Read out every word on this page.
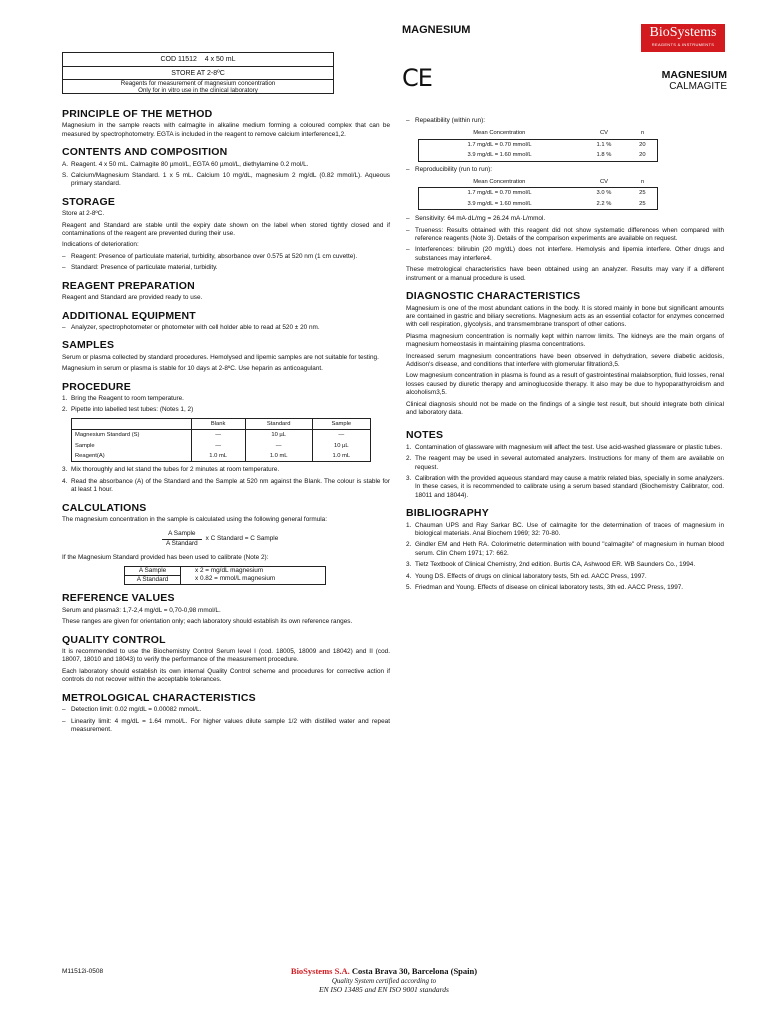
COD 11512
4 x 50 mL
STORE AT 2-8ºC
Reagents for measurement of magnesium concentration
Only for in vitro use in the clinical laboratory
MAGNESIUM
CE
BioSystems
REAGENTS & INSTRUMENTS
MAGNESIUM
CALMAGITE
PRINCIPLE OF THE METHOD

Magnesium in the sample reacts with calmagite in alkaline medium forming a coloured complex that can be measured by spectrophotometry. EGTA is included in the reagent to remove calcium interference1,2.

CONTENTS AND COMPOSITION
A. Reagent. 4 x 50 mL. Calmagite 80 µmol/L, EGTA 60 µmol/L, diethylamine 0.2 mol/L.
S. Calcium/Magnesium Standard. 1 x 5 mL. Calcium 10 mg/dL, magnesium 2 mg/dL (0.82 mmol/L). Aqueous primary standard.
STORAGE

Store at 2-8ºC.

Reagent and Standard are stable until the expiry date shown on the label when stored tightly closed and if contaminations of the reagent are prevented during their use.

Indications of deterioration:

– Reagent: Presence of particulate material, turbidity, absorbance over 0.575 at 520 nm (1 cm cuvette).
– Standard: Presence of particulate material, turbidity.
REAGENT PREPARATION

Reagent and Standard are provided ready to use.

ADDITIONAL EQUIPMENT
– Analyzer, spectrophotometer or photometer with cell holder able to read at 520 ± 20 nm.
SAMPLES

Serum or plasma collected by standard procedures. Hemolysed and lipemic samples are not suitable for testing.

Magnesium in serum or plasma is stable for 10 days at 2-8ºC. Use heparin as anticoagulant.

PROCEDURE
1. Bring the Reagent to room temperature.
2. Pipette into labelled test tubes: (Notes 1, 2)
	Blank	Standard	Sample
Magnesium Standard (S)	—	10 µL	—
Sample	—	—	10 µL
Reagent(A)	1.0 mL	1.0 mL	1.0 mL
3. Mix thoroughly and let stand the tubes for 2 minutes at room temperature.
4. Read the absorbance (A) of the Standard and the Sample at 520 nm against the Blank. The colour is stable for at least 1 hour.
CALCULATIONS

The magnesium concentration in the sample is calculated using the following general formula:

A Sample
A Standard
x C Standard = C Sample

If the Magnesium Standard provided has been used to calibrate (Note 2):

A Sample
A Standard
x 2 = mg/dL magnesium
x 0.82 = mmol/L magnesium
REFERENCE VALUES

Serum and plasma3: 1,7-2,4 mg/dL = 0,70-0,98 mmol/L.

These ranges are given for orientation only; each laboratory should establish its own reference ranges.

QUALITY CONTROL

It is recommended to use the Biochemistry Control Serum level I (cod. 18005, 18009 and 18042) and II (cod. 18007, 18010 and 18043) to verify the performance of the measurement procedure.

Each laboratory should establish its own internal Quality Control scheme and procedures for corrective action if controls do not recover within the acceptable tolerances.

METROLOGICAL CHARACTERISTICS
– Detection limit: 0.02 mg/dL = 0.00082 mmol/L.
– Linearity limit: 4 mg/dL = 1.64 mmol/L. For higher values dilute sample 1/2 with distilled water and repeat measurement.
– Repeatibility (within run):
Mean Concentration	CV	n
1.7 mg/dL = 0.70 mmol/L	1.1 %	20
3.9 mg/dL = 1.60 mmol/L	1.8 %	20
– Reproducibility (run to run):
Mean Concentration	CV	n
1.7 mg/dL = 0.70 mmol/L	3.0 %	25
3.9 mg/dL = 1.60 mmol/L	2.2 %	25
– Sensitivity: 64 mA·dL/mg = 26.24 mA·L/mmol.
– Trueness: Results obtained with this reagent did not show systematic differences when compared with reference reagents (Note 3). Details of the comparison experiments are available on request.
– Interferences: bilirubin (20 mg/dL) does not interfere. Hemolysis and lipemia interfere. Other drugs and substances may interfere4.

These metrological characteristics have been obtained using an analyzer. Results may vary if a different instrument or a manual procedure is used.

DIAGNOSTIC CHARACTERISTICS

Magnesium is one of the most abundant cations in the body. It is stored mainly in bone but significant amounts are contained in gastric and biliary secretions. Magnesium acts as an essential cofactor for enzymes concerned with cell respiration, glycolysis, and transmembrane transport of other cations.

Plasma magnesium concentration is normally kept within narrow limits. The kidneys are the main organs of magnesium homeostasis in maintaining plasma concentrations.

Increased serum magnesium concentrations have been observed in dehydration, severe diabetic acidosis, Addison's disease, and conditions that interfere with glomerular filtration3,5.

Low magnesium concentration in plasma is found as a result of gastrointestinal malabsorption, fluid losses, renal losses caused by diuretic therapy and aminoglucoside therapy. It also may be due to hypoparathyroidism and alcoholism3,5.

Clinical diagnosis should not be made on the findings of a single test result, but should integrate both clinical and laboratory data.

NOTES
1. Contamination of glassware with magnesium will affect the test. Use acid-washed glassware or plastic tubes.
2. The reagent may be used in several automated analyzers. Instructions for many of them are available on request.
3. Calibration with the provided aqueous standard may cause a matrix related bias, specially in some analyzers. In these cases, it is recommended to calibrate using a serum based standard (Biochemistry Calibrator, cod. 18011 and 18044).
BIBLIOGRAPHY
1. Chauman UPS and Ray Sarkar BC. Use of calmagite for the determination of traces of magnesium in biological materials. Anal Biochem 1969; 32: 70-80.
2. Gindler EM and Heth RA. Colorimetric determination with bound "calmagite" of magnesium in human blood serum. Clin Chem 1971; 17: 662.
3. Tietz Textbook of Clinical Chemistry, 2nd edition. Burtis CA, Ashwood ER. WB Saunders Co., 1994.
4. Young DS. Effects of drugs on clinical laboratory tests, 5th ed. AACC Press, 1997.
5. Friedman and Young. Effects of disease on clinical laboratory tests, 3th ed. AACC Press, 1997.
M11512i-0508	BioSystems S.A. Costa Brava 30, Barcelona (Spain)
Quality System certified according to
EN ISO 13485 and EN ISO 9001 standards
